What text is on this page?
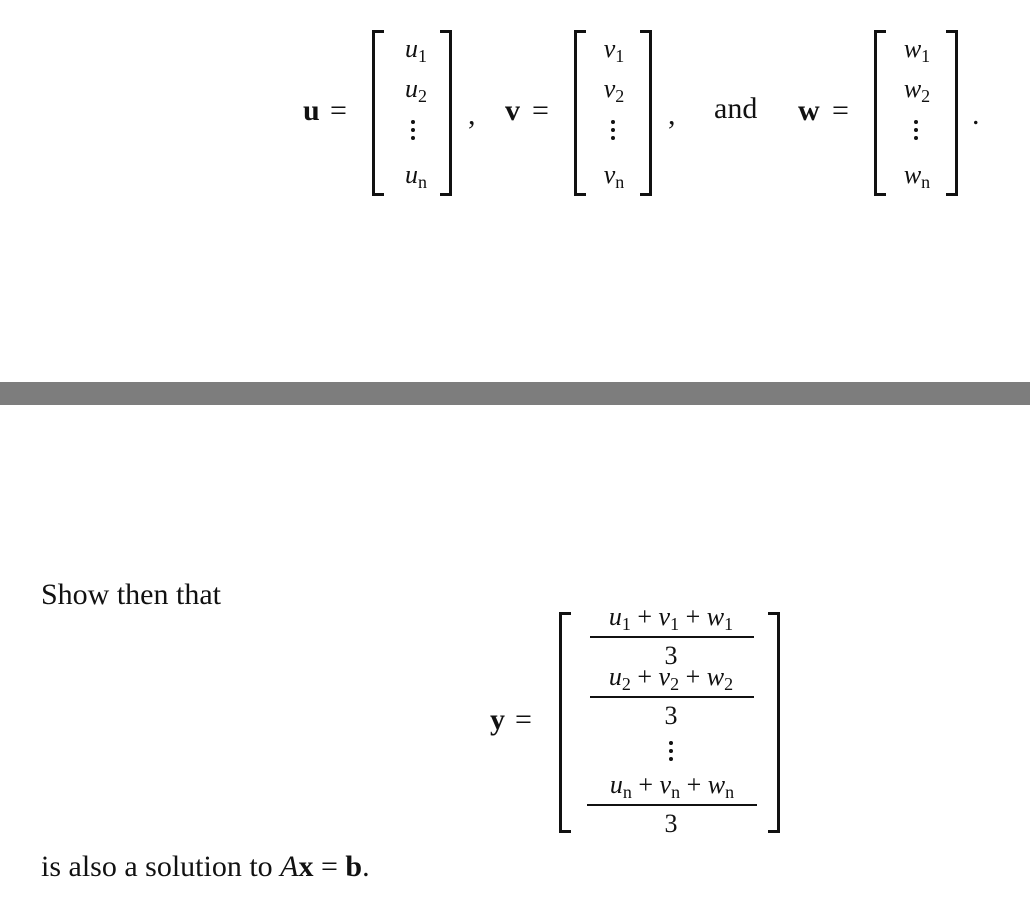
u =
$u_1$
$u_2$
$u_n$
, v =
$v_1$
$v_2$
$v_n$
, and w =
$w_1$
$w_2$
$w_n$
.
Show then that
y =
$u_1 + v_1 + w_1$
3
$u_2 + v_2 + w_2$
3
$u_n + v_n + w_n$
3
is also a solution to Ax = b.
